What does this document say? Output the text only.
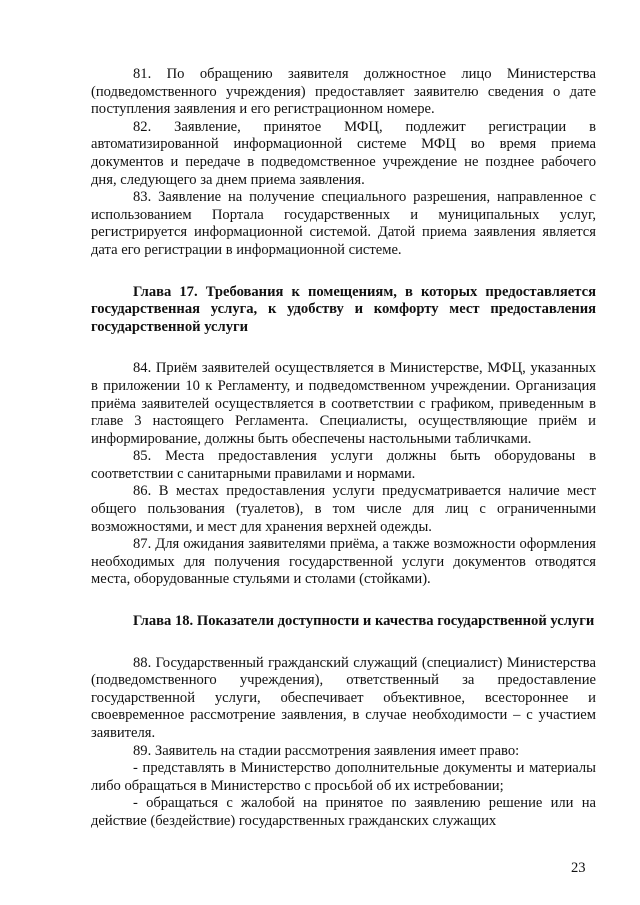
81. По обращению заявителя должностное лицо Министерства (подведомственного учреждения) предоставляет заявителю сведения о дате поступления заявления и его регистрационном номере.

82. Заявление, принятое МФЦ, подлежит регистрации в автоматизированной информационной системе МФЦ во время приема документов и передаче в подведомственное учреждение не позднее рабочего дня, следующего за днем приема заявления.

83. Заявление на получение специального разрешения, направленное с использованием Портала государственных и муниципальных услуг, регистрируется информационной системой. Датой приема заявления является дата его регистрации в информационной системе.

Глава 17. Требования к помещениям, в которых предоставляется государственная услуга, к удобству и комфорту мест предоставления государственной услуги

84. Приём заявителей осуществляется в Министерстве, МФЦ, указанных в приложении 10 к Регламенту, и подведомственном учреждении. Организация приёма заявителей осуществляется в соответствии с графиком, приведенным в главе 3 настоящего Регламента. Специалисты, осуществляющие приём и информирование, должны быть обеспечены настольными табличками.

85. Места предоставления услуги должны быть оборудованы в соответствии с санитарными правилами и нормами.

86. В местах предоставления услуги предусматривается наличие мест общего пользования (туалетов), в том числе для лиц с ограниченными возможностями, и мест для хранения верхней одежды.

87. Для ожидания заявителями приёма, а также возможности оформления необходимых для получения государственной услуги документов отводятся места, оборудованные стульями и столами (стойками).

Глава 18. Показатели доступности и качества государственной услуги

88. Государственный гражданский служащий (специалист) Министерства (подведомственного учреждения), ответственный за предоставление государственной услуги, обеспечивает объективное, всестороннее и своевременное рассмотрение заявления, в случае необходимости – с участием заявителя.

89. Заявитель на стадии рассмотрения заявления имеет право:

- представлять в Министерство дополнительные документы и материалы либо обращаться в Министерство с просьбой об их истребовании;

- обращаться с жалобой на принятое по заявлению решение или на действие (бездействие) государственных гражданских служащих

23
